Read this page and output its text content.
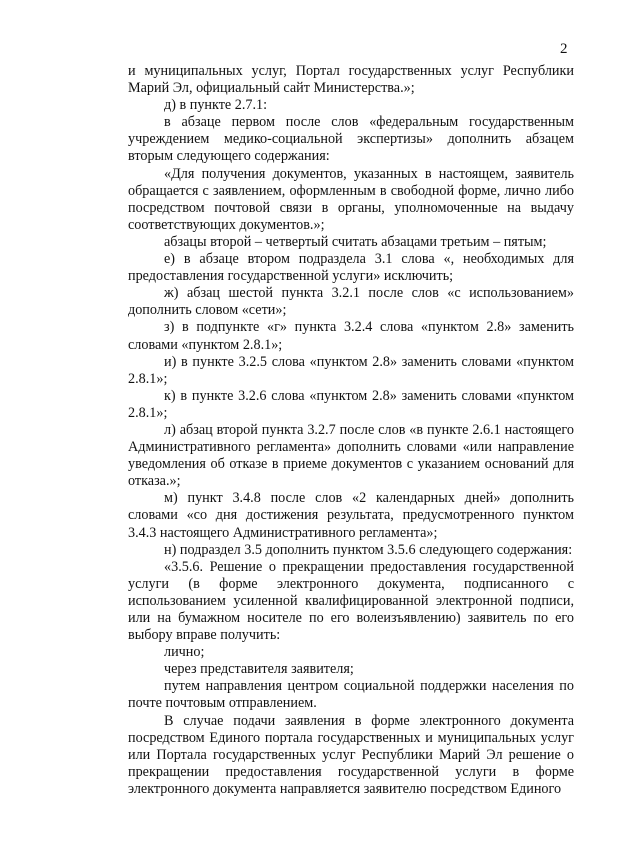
2

и муниципальных услуг, Портал государственных услуг Республики Марий Эл, официальный сайт Министерства.»;

д) в пункте 2.7.1:

в абзаце первом после слов «федеральным государственным учреждением медико-социальной экспертизы» дополнить абзацем вторым следующего содержания:

«Для получения документов, указанных в настоящем, заявитель обращается с заявлением, оформленным в свободной форме, лично либо посредством почтовой связи в органы, уполномоченные на выдачу соответствующих документов.»;

абзацы второй – четвертый считать абзацами третьим – пятым;

е) в абзаце втором подраздела 3.1 слова «, необходимых для предоставления государственной услуги» исключить;

ж) абзац шестой пункта 3.2.1 после слов «с использованием» дополнить словом «сети»;

з) в подпункте «г» пункта 3.2.4 слова «пунктом 2.8» заменить словами «пунктом 2.8.1»;

и) в пункте 3.2.5 слова «пунктом 2.8» заменить словами «пунктом 2.8.1»;

к) в пункте 3.2.6 слова «пунктом 2.8» заменить словами «пунктом 2.8.1»;

л) абзац второй пункта 3.2.7 после слов «в пункте 2.6.1 настоящего Административного регламента» дополнить словами «или направление уведомления об отказе в приеме документов с указанием оснований для отказа.»;

м) пункт 3.4.8 после слов «2 календарных дней» дополнить словами «со дня достижения результата, предусмотренного пунктом 3.4.3 настоящего Административного регламента»;

н) подраздел 3.5 дополнить пунктом 3.5.6 следующего содержания:

«3.5.6. Решение о прекращении предоставления государственной услуги (в форме электронного документа, подписанного с использованием усиленной квалифицированной электронной подписи, или на бумажном носителе по его волеизъявлению) заявитель по его выбору вправе получить:

лично;

через представителя заявителя;

путем направления центром социальной поддержки населения по почте почтовым отправлением.

В случае подачи заявления в форме электронного документа посредством Единого портала государственных и муниципальных услуг или Портала государственных услуг Республики Марий Эл решение о прекращении предоставления государственной услуги в форме электронного документа направляется заявителю посредством Единого
